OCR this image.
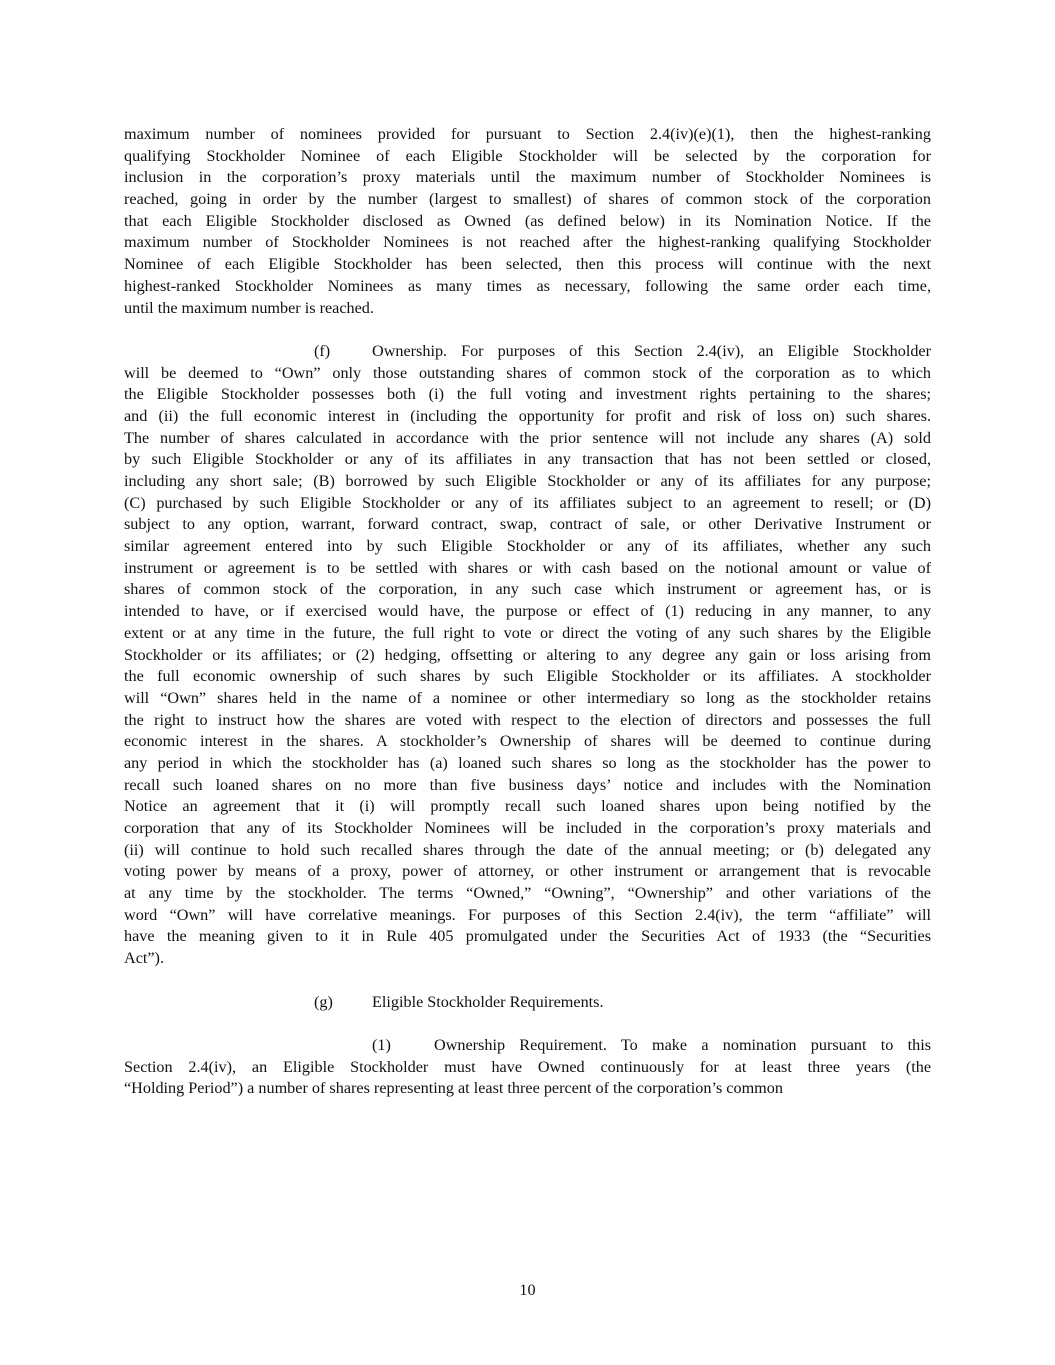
maximum number of nominees provided for pursuant to Section 2.4(iv)(e)(1), then the highest-ranking
qualifying Stockholder Nominee of each Eligible Stockholder will be selected by the corporation for
inclusion in the corporation’s proxy materials until the maximum number of Stockholder Nominees is
reached, going in order by the number (largest to smallest) of shares of common stock of the corporation
that each Eligible Stockholder disclosed as Owned (as defined below) in its Nomination Notice. If the
maximum number of Stockholder Nominees is not reached after the highest-ranking qualifying Stockholder
Nominee of each Eligible Stockholder has been selected, then this process will continue with the next
highest-ranked Stockholder Nominees as many times as necessary, following the same order each time,
until the maximum number is reached.
(f)	Ownership. For purposes of this Section 2.4(iv), an Eligible Stockholder
will be deemed to “Own” only those outstanding shares of common stock of the corporation as to which
the Eligible Stockholder possesses both (i) the full voting and investment rights pertaining to the shares;
and (ii) the full economic interest in (including the opportunity for profit and risk of loss on) such shares.
The number of shares calculated in accordance with the prior sentence will not include any shares (A) sold
by such Eligible Stockholder or any of its affiliates in any transaction that has not been settled or closed,
including any short sale; (B) borrowed by such Eligible Stockholder or any of its affiliates for any purpose;
(C) purchased by such Eligible Stockholder or any of its affiliates subject to an agreement to resell; or (D)
subject to any option, warrant, forward contract, swap, contract of sale, or other Derivative Instrument or
similar agreement entered into by such Eligible Stockholder or any of its affiliates, whether any such
instrument or agreement is to be settled with shares or with cash based on the notional amount or value of
shares of common stock of the corporation, in any such case which instrument or agreement has, or is
intended to have, or if exercised would have, the purpose or effect of (1) reducing in any manner, to any
extent or at any time in the future, the full right to vote or direct the voting of any such shares by the Eligible
Stockholder or its affiliates; or (2) hedging, offsetting or altering to any degree any gain or loss arising from
the full economic ownership of such shares by such Eligible Stockholder or its affiliates. A stockholder
will “Own” shares held in the name of a nominee or other intermediary so long as the stockholder retains
the right to instruct how the shares are voted with respect to the election of directors and possesses the full
economic interest in the shares. A stockholder’s Ownership of shares will be deemed to continue during
any period in which the stockholder has (a) loaned such shares so long as the stockholder has the power to
recall such loaned shares on no more than five business days’ notice and includes with the Nomination
Notice an agreement that it (i) will promptly recall such loaned shares upon being notified by the
corporation that any of its Stockholder Nominees will be included in the corporation’s proxy materials and
(ii) will continue to hold such recalled shares through the date of the annual meeting; or (b) delegated any
voting power by means of a proxy, power of attorney, or other instrument or arrangement that is revocable
at any time by the stockholder. The terms “Owned,” “Owning”, “Ownership” and other variations of the
word “Own” will have correlative meanings. For purposes of this Section 2.4(iv), the term “affiliate” will
have the meaning given to it in Rule 405 promulgated under the Securities Act of 1933 (the “Securities
Act”).
(g) Eligible Stockholder Requirements.
(1)	Ownership Requirement. To make a nomination pursuant to this
Section 2.4(iv), an Eligible Stockholder must have Owned continuously for at least three years (the
“Holding Period”) a number of shares representing at least three percent of the corporation’s common
10
